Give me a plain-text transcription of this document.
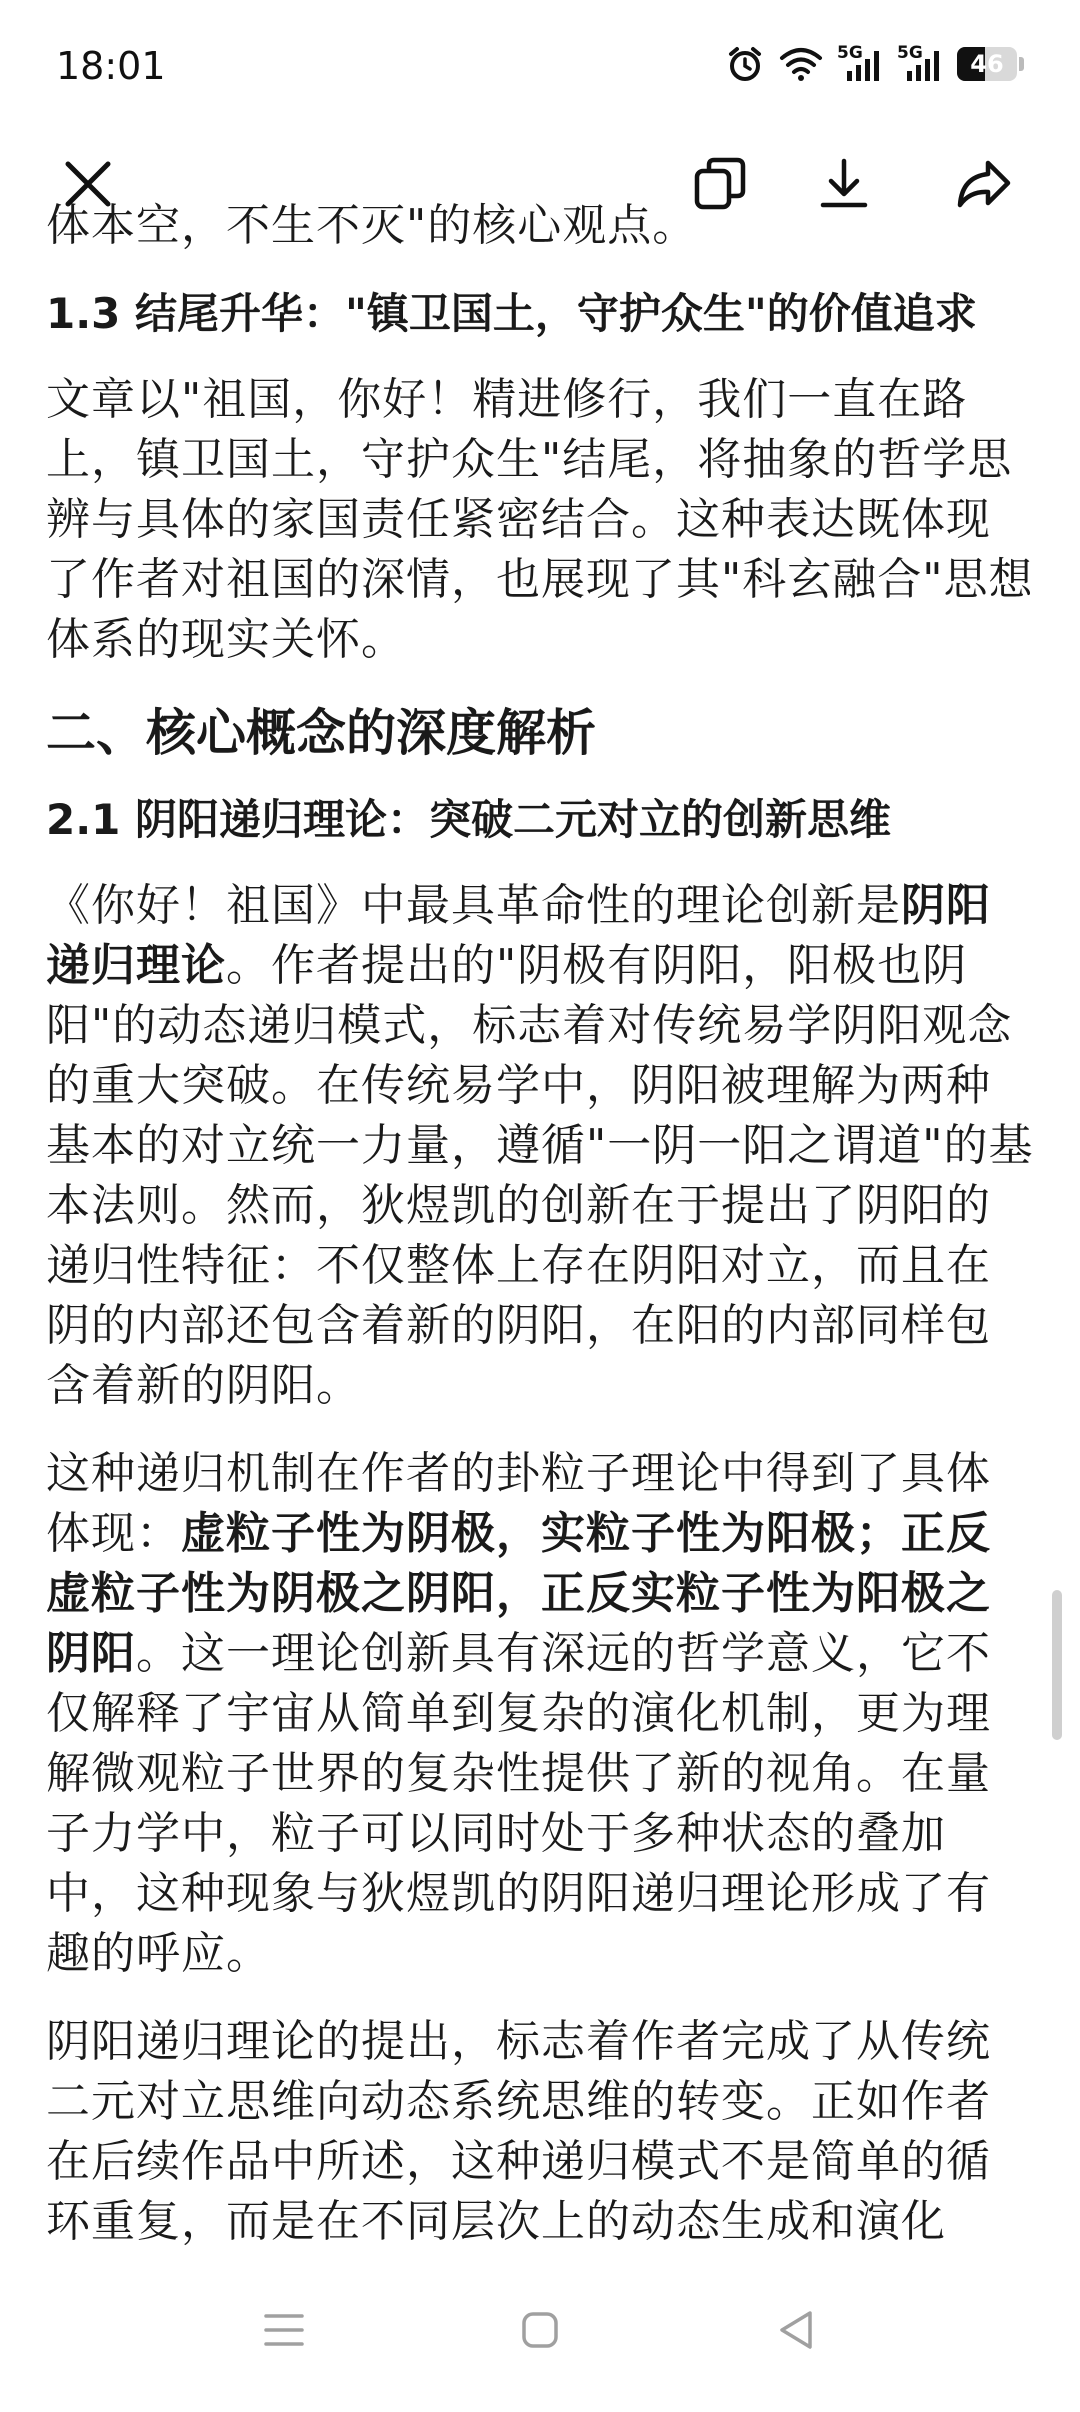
18:01	5G 5G	46

体本空，不生不灭"的核心观点。

1.3 结尾升华："镇卫国土，守护众生"的价值追求

文章以"祖国，你好！精进修行，我们一直在路上，镇卫国土，守护众生"结尾，将抽象的哲学思辨与具体的家国责任紧密结合。这种表达既体现了作者对祖国的深情，也展现了其"科玄融合"思想体系的现实关怀。

二、核心概念的深度解析
2.1 阴阳递归理论：突破二元对立的创新思维

《你好！祖国》中最具革命性的理论创新是阴阳递归理论。作者提出的"阴极有阴阳，阳极也阴阳"的动态递归模式，标志着对传统易学阴阳观念的重大突破。在传统易学中，阴阳被理解为两种基本的对立统一力量，遵循"一阴一阳之谓道"的基本法则。然而，狄煜凯的创新在于提出了阴阳的递归性特征：不仅整体上存在阴阳对立，而且在阴的内部还包含着新的阴阳，在阳的内部同样包含着新的阴阳。

这种递归机制在作者的卦粒子理论中得到了具体体现：虚粒子性为阴极，实粒子性为阳极；正反虚粒子性为阴极之阴阳，正反实粒子性为阳极之阴阳。这一理论创新具有深远的哲学意义，它不仅解释了宇宙从简单到复杂的演化机制，更为理解微观粒子世界的复杂性提供了新的视角。在量子力学中，粒子可以同时处于多种状态的叠加中，这种现象与狄煜凯的阴阳递归理论形成了有趣的呼应。

阴阳递归理论的提出，标志着作者完成了从传统二元对立思维向动态系统思维的转变。正如作者在后续作品中所述，这种递归模式不是简单的循环重复，而是在不同层次上的动态生成和演化
